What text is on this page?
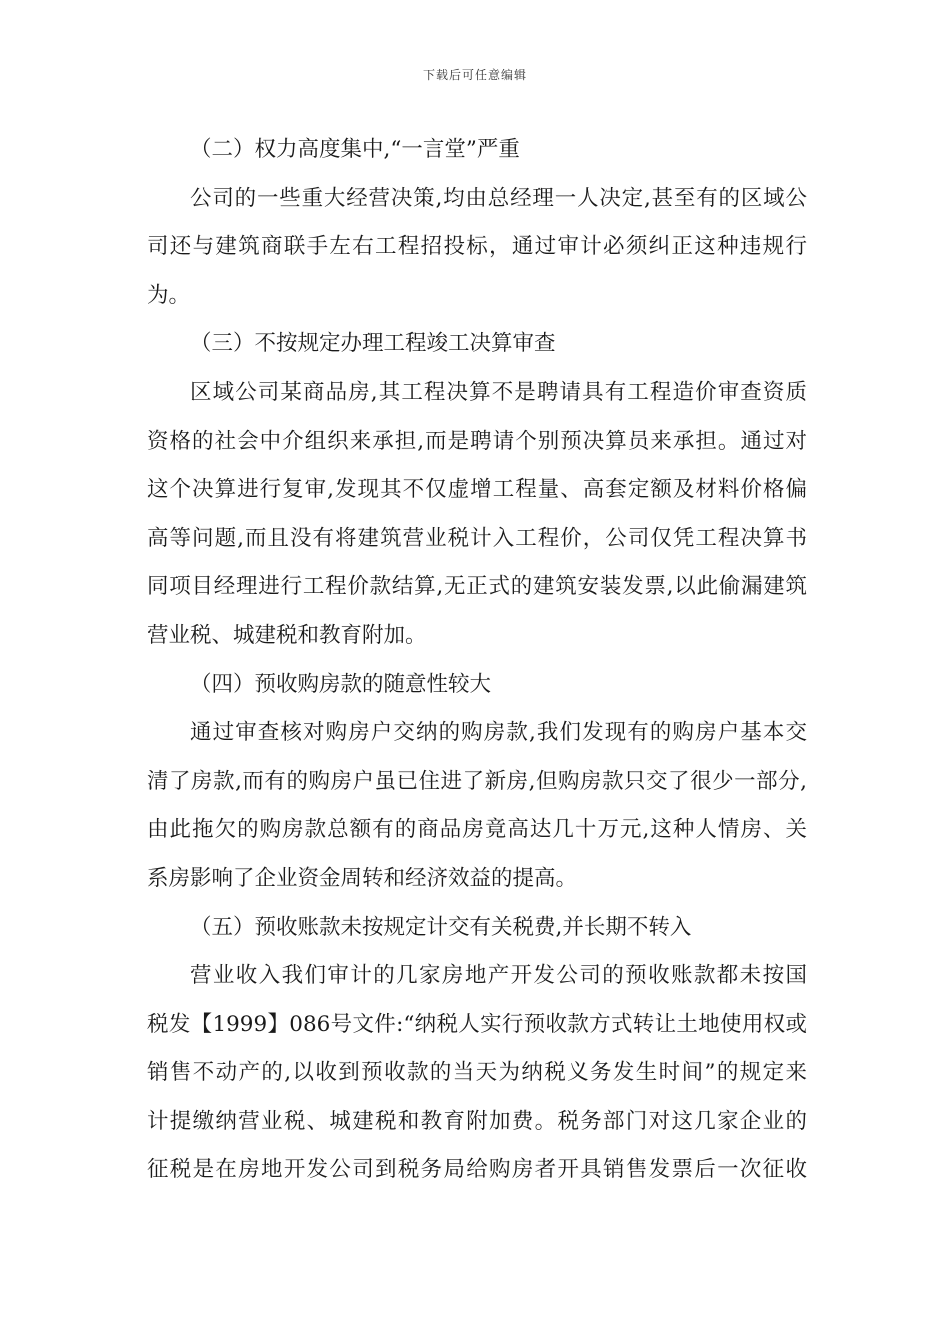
下载后可任意编辑
（二）权力高度集中,“一言堂”严重
公司的一些重大经营决策,均由总经理一人决定,甚至有的区域公
司还与建筑商联手左右工程招投标，通过审计必须纠正这种违规行
为。
（三）不按规定办理工程竣工决算审查
区域公司某商品房,其工程决算不是聘请具有工程造价审查资质
资格的社会中介组织来承担,而是聘请个别预决算员来承担。通过对
这个决算进行复审,发现其不仅虚增工程量、高套定额及材料价格偏
高等问题,而且没有将建筑营业税计入工程价，公司仅凭工程决算书
同项目经理进行工程价款结算,无正式的建筑安装发票,以此偷漏建筑
营业税、城建税和教育附加。
（四）预收购房款的随意性较大
通过审查核对购房户交纳的购房款,我们发现有的购房户基本交
清了房款,而有的购房户虽已住进了新房,但购房款只交了很少一部分,
由此拖欠的购房款总额有的商品房竟高达几十万元,这种人情房、关
系房影响了企业资金周转和经济效益的提高。
（五）预收账款未按规定计交有关税费,并长期不转入
营业收入我们审计的几家房地产开发公司的预收账款都未按国
税发【1999】086号文件:“纳税人实行预收款方式转让土地使用权或
销售不动产的,以收到预收款的当天为纳税义务发生时间”的规定来
计提缴纳营业税、城建税和教育附加费。税务部门对这几家企业的
征税是在房地开发公司到税务局给购房者开具销售发票后一次征收
